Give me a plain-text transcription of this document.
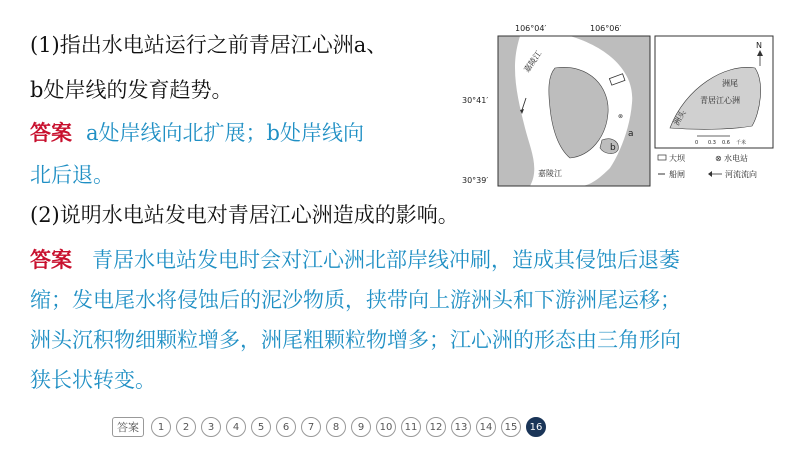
(1)指出水电站运行之前青居江心洲a、
b处岸线的发育趋势。
答案 a处岸线向北扩展；b处岸线向
北后退。
(2)说明水电站发电对青居江心洲造成的影响。
答案 青居水电站发电时会对江心洲北部岸线冲刷，造成其侵蚀后退萎
缩；发电尾水将侵蚀后的泥沙物质，挟带向上游洲头和下游洲尾运移；
洲头沉积物细颗粒增多，洲尾粗颗粒物增多；江心洲的形态由三角形向
狭长状转变。
⊗
106°04′	106°06′
30°41′
30°39′
嘉陵江
嘉陵江
a
b
N
洲尾
青居江心洲
洲头
0 0.3 0.6 千米
大坝	⊗ 水电站
船闸	河流流向
答案	1	2	3	4	5	6	7	8	9	10	11	12	13	14	15	16
